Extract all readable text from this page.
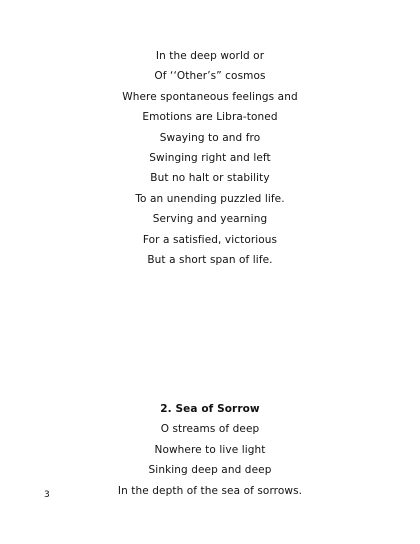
In the deep world or
Of ‘‘Other’s” cosmos
Where spontaneous feelings and
Emotions are Libra-toned
Swaying to and fro
Swinging right and left
But no halt or stability
To an unending puzzled life.
Serving and yearning
For a satisfied, victorious
But a short span of life.
2. Sea of Sorrow
O streams of deep
Nowhere to live light
Sinking deep and deep
In the depth of the sea of sorrows.
3
